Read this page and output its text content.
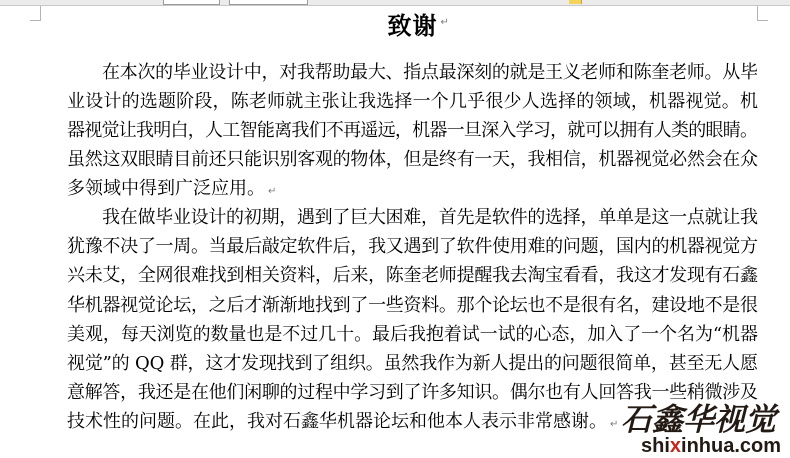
致谢 ↵
在本次的毕业设计中，对我帮助最大、指点最深刻的就是王义老师和陈奎老师。从毕
业设计的选题阶段，陈老师就主张让我选择一个几乎很少人选择的领域，机器视觉。机
器视觉让我明白，人工智能离我们不再遥远，机器一旦深入学习，就可以拥有人类的眼睛。
虽然这双眼睛目前还只能识别客观的物体，但是终有一天，我相信，机器视觉必然会在众
多领域中得到广泛应用。 ↵
我在做毕业设计的初期，遇到了巨大困难，首先是软件的选择，单单是这一点就让我
犹豫不决了一周。当最后敲定软件后，我又遇到了软件使用难的问题，国内的机器视觉方
兴未艾，全网很难找到相关资料，后来，陈奎老师提醒我去淘宝看看，我这才发现有石鑫
华机器视觉论坛，之后才渐渐地找到了一些资料。那个论坛也不是很有名，建设地不是很
美观，每天浏览的数量也是不过几十。最后我抱着试一试的心态，加入了一个名为“机器
视觉”的 QQ 群，这才发现找到了组织。虽然我作为新人提出的问题很简单，甚至无人愿
意解答，我还是在他们闲聊的过程中学习到了许多知识。偶尔也有人回答我一些稍微涉及
技术性的问题。在此，我对石鑫华机器论坛和他本人表示非常感谢。 ↵ 石鑫华视觉
shixinhua.com
